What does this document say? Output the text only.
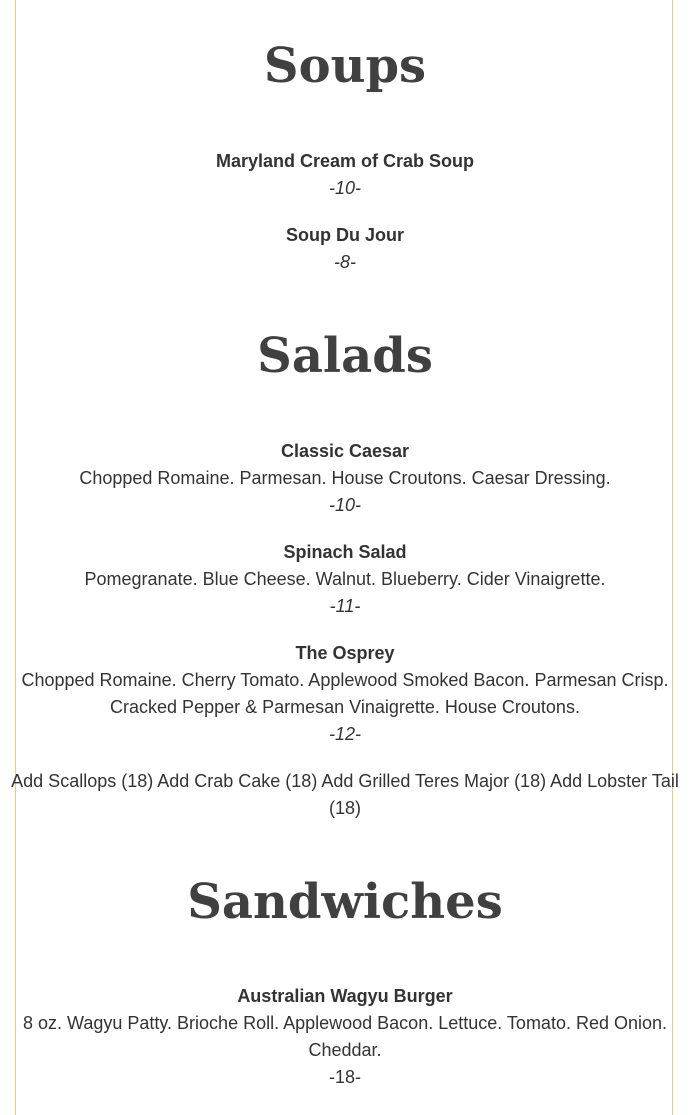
Soups
Maryland Cream of Crab Soup
-10-
Soup Du Jour
-8-
Salads
Classic Caesar
Chopped Romaine. Parmesan. House Croutons. Caesar Dressing.
-10-
Spinach Salad
Pomegranate. Blue Cheese. Walnut. Blueberry. Cider Vinaigrette.
-11-
The Osprey
Chopped Romaine. Cherry Tomato. Applewood Smoked Bacon. Parmesan Crisp.
Cracked Pepper & Parmesan Vinaigrette. House Croutons.
-12-
Add Scallops (18) Add Crab Cake (18) Add Grilled Teres Major (18) Add Lobster Tail
(18)
Sandwiches
Australian Wagyu Burger
8 oz. Wagyu Patty. Brioche Roll. Applewood Bacon. Lettuce. Tomato. Red Onion.
Cheddar.
-18-
